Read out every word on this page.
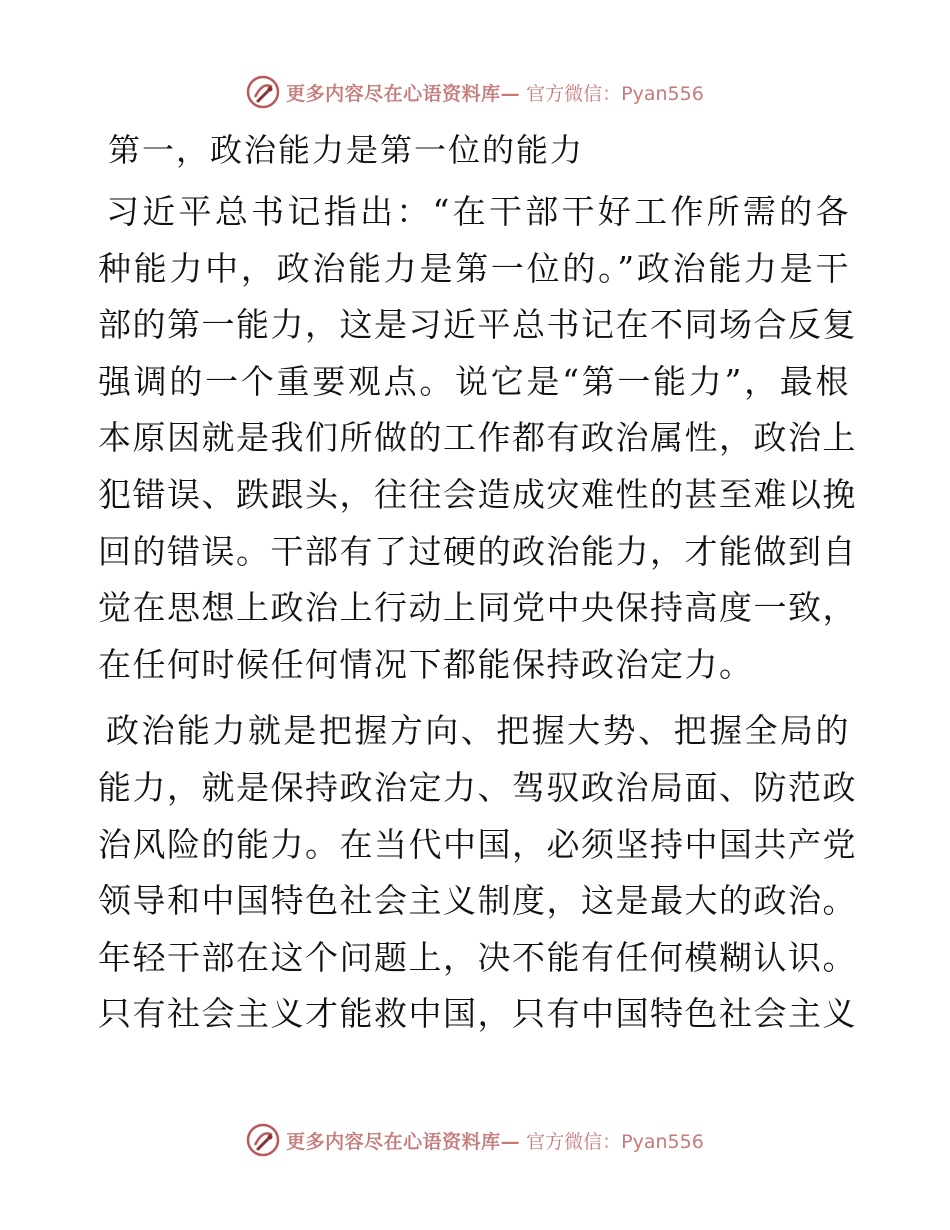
更多内容尽在心语资料库— 官方微信：Pyan556
第一，政治能力是第一位的能力
习近平总书记指出：“在干部干好工作所需的各
种能力中，政治能力是第一位的。”政治能力是干
部的第一能力，这是习近平总书记在不同场合反复
强调的一个重要观点。说它是“第一能力”，最根
本原因就是我们所做的工作都有政治属性，政治上
犯错误、跌跟头，往往会造成灾难性的甚至难以挽
回的错误。干部有了过硬的政治能力，才能做到自
觉在思想上政治上行动上同党中央保持高度一致，
在任何时候任何情况下都能保持政治定力。
政治能力就是把握方向、把握大势、把握全局的
能力，就是保持政治定力、驾驭政治局面、防范政
治风险的能力。在当代中国，必须坚持中国共产党
领导和中国特色社会主义制度，这是最大的政治。
年轻干部在这个问题上，决不能有任何模糊认识。
只有社会主义才能救中国，只有中国特色社会主义
更多内容尽在心语资料库— 官方微信：Pyan556
